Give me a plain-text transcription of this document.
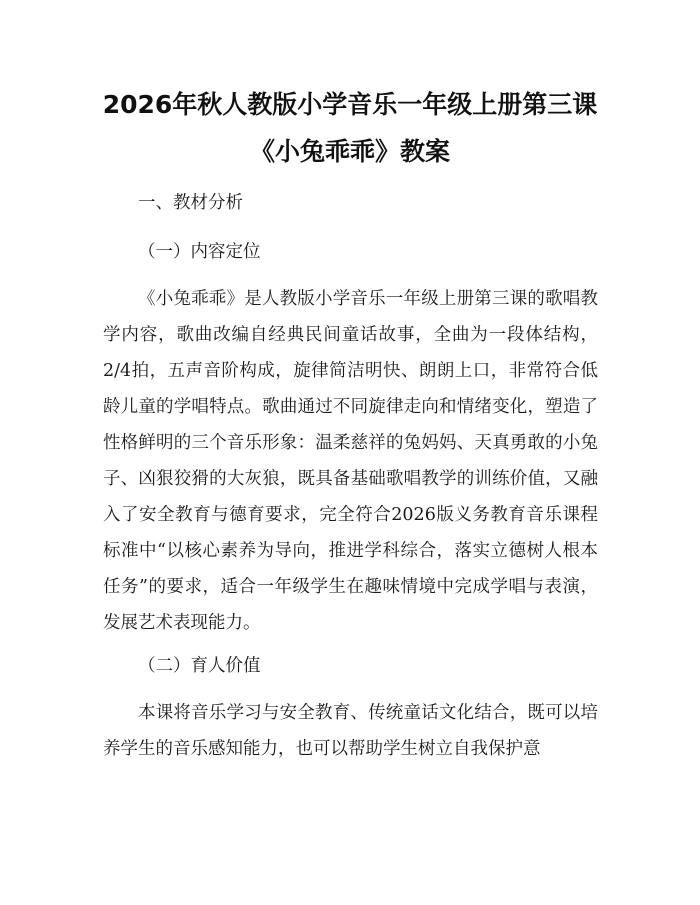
2026年秋人教版小学音乐一年级上册第三课
《小兔乖乖》教案

一、教材分析

（一）内容定位

《小兔乖乖》是人教版小学音乐一年级上册第三课的歌唱教学内容，歌曲改编自经典民间童话故事，全曲为一段体结构，2/4拍，五声音阶构成，旋律简洁明快、朗朗上口，非常符合低龄儿童的学唱特点。歌曲通过不同旋律走向和情绪变化，塑造了性格鲜明的三个音乐形象：温柔慈祥的兔妈妈、天真勇敢的小兔子、凶狠狡猾的大灰狼，既具备基础歌唱教学的训练价值，又融入了安全教育与德育要求，完全符合2026版义务教育音乐课程标准中“以核心素养为导向，推进学科综合，落实立德树人根本任务”的要求，适合一年级学生在趣味情境中完成学唱与表演，发展艺术表现能力。

（二）育人价值

本课将音乐学习与安全教育、传统童话文化结合，既可以培养学生的音乐感知能力，也可以帮助学生树立自我保护意
